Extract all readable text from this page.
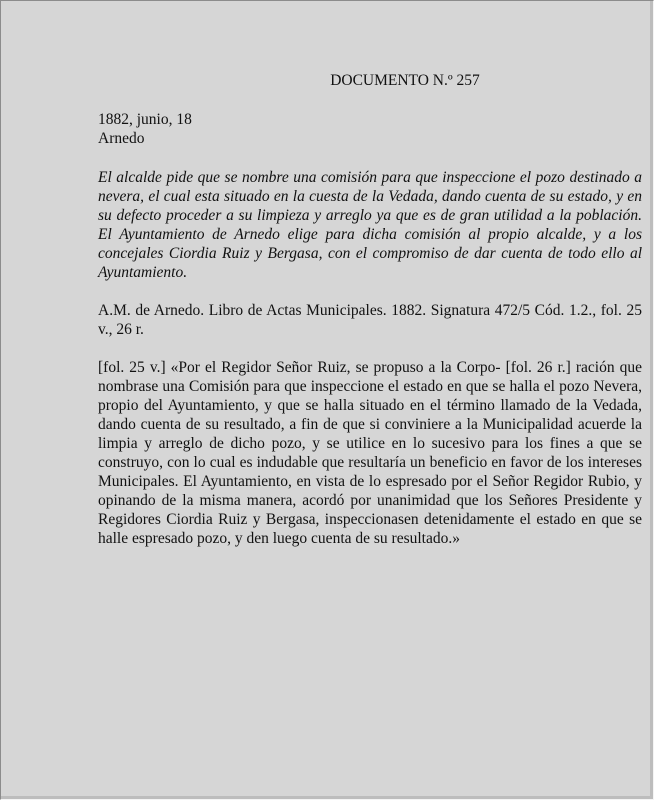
DOCUMENTO N.º 257

1882, junio, 18

Arnedo

El alcalde pide que se nombre una comisión para que inspeccione el pozo destinado a nevera, el cual esta situado en la cuesta de la Vedada, dando cuenta de su estado, y en su defecto proceder a su limpieza y arreglo ya que es de gran utilidad a la población. El Ayuntamiento de Arnedo elige para dicha comisión al propio alcalde, y a los concejales Ciordia Ruiz y Bergasa, con el compromiso de dar cuenta de todo ello al Ayuntamiento.

A.M. de Arnedo. Libro de Actas Municipales. 1882. Signatura 472/5 Cód. 1.2., fol. 25 v., 26 r.

[fol. 25 v.] «Por el Regidor Señor Ruiz, se propuso a la Corpo- [fol. 26 r.] ración que nombrase una Comisión para que inspeccione el estado en que se halla el pozo Nevera, propio del Ayuntamiento, y que se halla situado en el término llamado de la Vedada, dando cuenta de su resultado, a fin de que si conviniere a la Municipalidad acuerde la limpia y arreglo de dicho pozo, y se utilice en lo sucesivo para los fines a que se construyo, con lo cual es indudable que resultaría un beneficio en favor de los intereses Municipales. El Ayuntamiento, en vista de lo espresado por el Señor Regidor Rubio, y opinando de la misma manera, acordó por unanimidad que los Señores Presidente y Regidores Ciordia Ruiz y Bergasa, inspeccionasen detenidamente el estado en que se halle espresado pozo, y den luego cuenta de su resultado.»
